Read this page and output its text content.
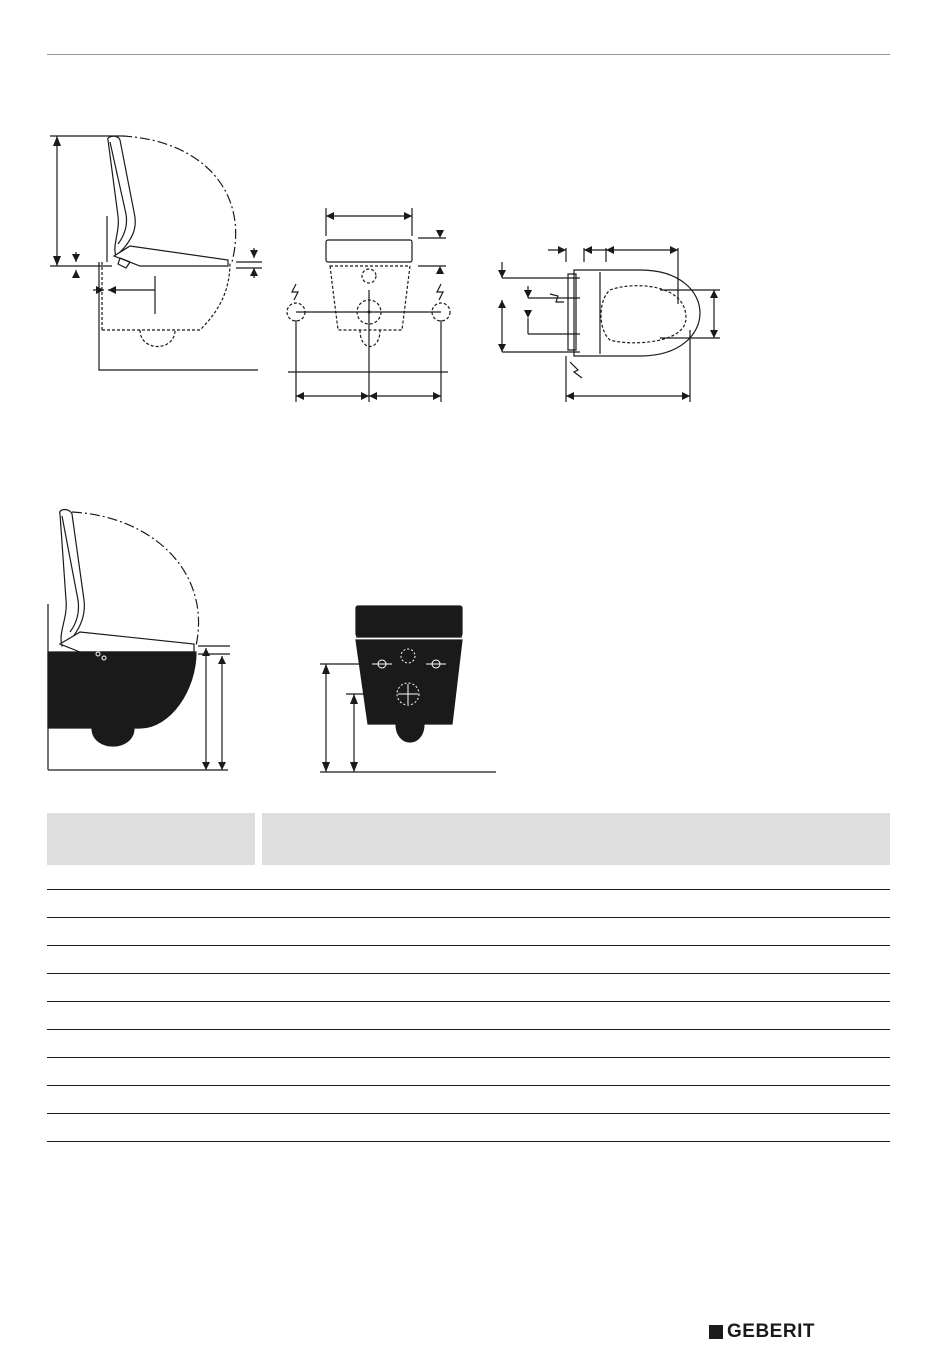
GEBERIT
